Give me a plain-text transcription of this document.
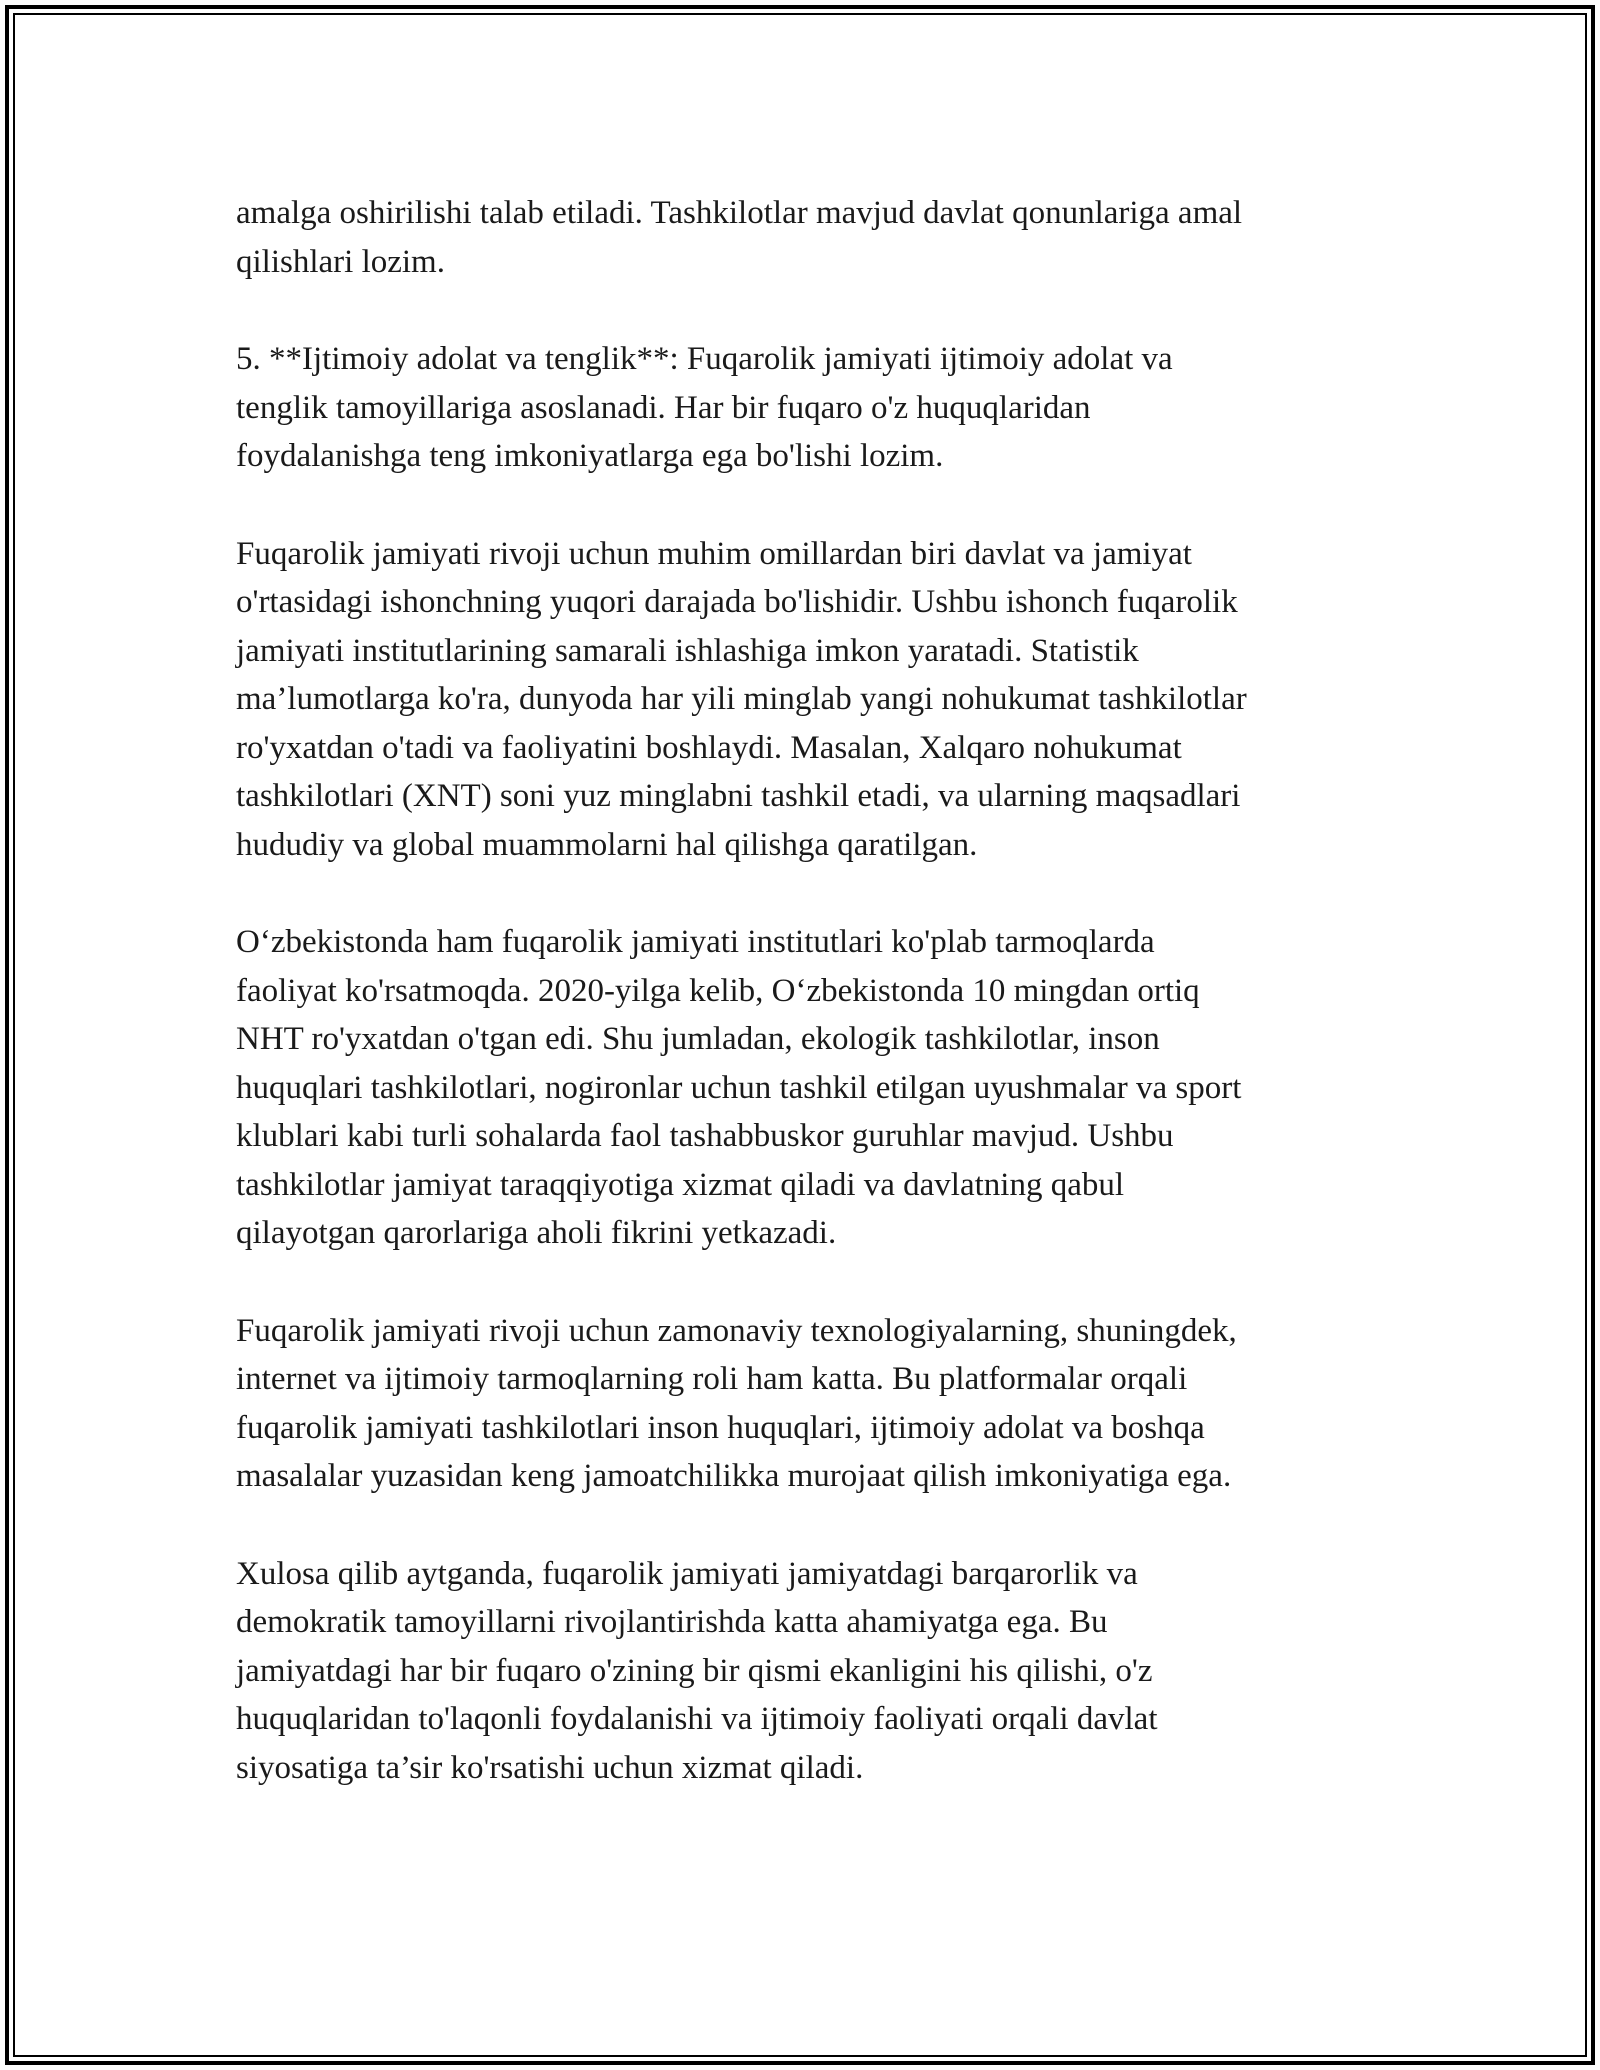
amalga oshirilishi talab etiladi. Tashkilotlar mavjud davlat qonunlariga amal
qilishlari lozim.

5. **Ijtimoiy adolat va tenglik**: Fuqarolik jamiyati ijtimoiy adolat va
tenglik tamoyillariga asoslanadi. Har bir fuqaro o'z huquqlaridan
foydalanishga teng imkoniyatlarga ega bo'lishi lozim.

Fuqarolik jamiyati rivoji uchun muhim omillardan biri davlat va jamiyat
o'rtasidagi ishonchning yuqori darajada bo'lishidir. Ushbu ishonch fuqarolik
jamiyati institutlarining samarali ishlashiga imkon yaratadi. Statistik
ma’lumotlarga ko'ra, dunyoda har yili minglab yangi nohukumat tashkilotlar
ro'yxatdan o'tadi va faoliyatini boshlaydi. Masalan, Xalqaro nohukumat
tashkilotlari (XNT) soni yuz minglabni tashkil etadi, va ularning maqsadlari
hududiy va global muammolarni hal qilishga qaratilgan.

O‘zbekistonda ham fuqarolik jamiyati institutlari ko'plab tarmoqlarda
faoliyat ko'rsatmoqda. 2020-yilga kelib, O‘zbekistonda 10 mingdan ortiq
NHT ro'yxatdan o'tgan edi. Shu jumladan, ekologik tashkilotlar, inson
huquqlari tashkilotlari, nogironlar uchun tashkil etilgan uyushmalar va sport
klublari kabi turli sohalarda faol tashabbuskor guruhlar mavjud. Ushbu
tashkilotlar jamiyat taraqqiyotiga xizmat qiladi va davlatning qabul
qilayotgan qarorlariga aholi fikrini yetkazadi.

Fuqarolik jamiyati rivoji uchun zamonaviy texnologiyalarning, shuningdek,
internet va ijtimoiy tarmoqlarning roli ham katta. Bu platformalar orqali
fuqarolik jamiyati tashkilotlari inson huquqlari, ijtimoiy adolat va boshqa
masalalar yuzasidan keng jamoatchilikka murojaat qilish imkoniyatiga ega.

Xulosa qilib aytganda, fuqarolik jamiyati jamiyatdagi barqarorlik va
demokratik tamoyillarni rivojlantirishda katta ahamiyatga ega. Bu
jamiyatdagi har bir fuqaro o'zining bir qismi ekanligini his qilishi, o'z
huquqlaridan to'laqonli foydalanishi va ijtimoiy faoliyati orqali davlat
siyosatiga ta’sir ko'rsatishi uchun xizmat qiladi.
